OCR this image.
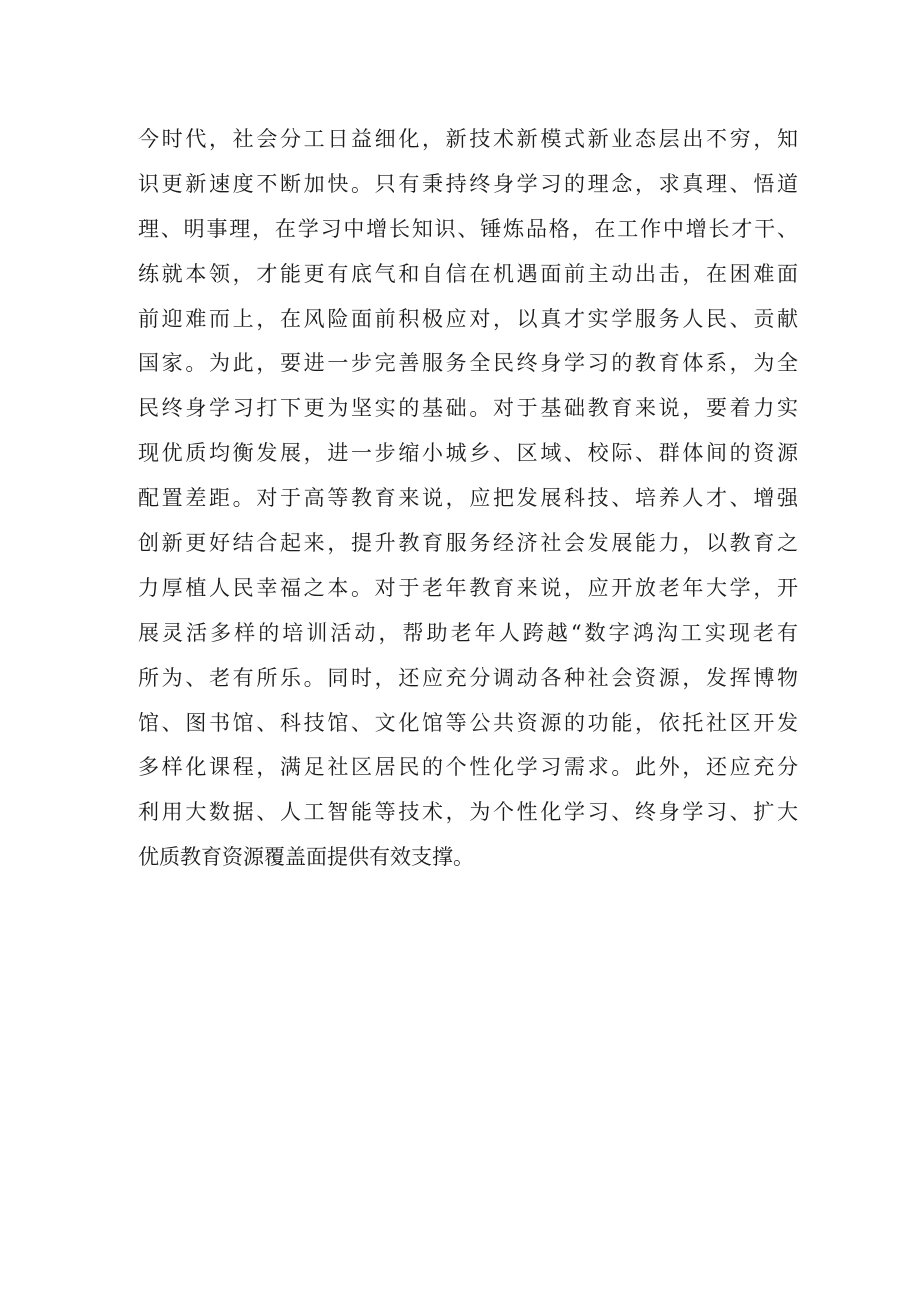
今时代，社会分工日益细化，新技术新模式新业态层出不穷，知
识更新速度不断加快。只有秉持终身学习的理念，求真理、悟道
理、明事理，在学习中增长知识、锤炼品格，在工作中增长才干、
练就本领，才能更有底气和自信在机遇面前主动出击，在困难面
前迎难而上，在风险面前积极应对，以真才实学服务人民、贡献
国家。为此，要进一步完善服务全民终身学习的教育体系，为全
民终身学习打下更为坚实的基础。对于基础教育来说，要着力实
现优质均衡发展，进一步缩小城乡、区域、校际、群体间的资源
配置差距。对于高等教育来说，应把发展科技、培养人才、增强
创新更好结合起来，提升教育服务经济社会发展能力，以教育之
力厚植人民幸福之本。对于老年教育来说，应开放老年大学，开
展灵活多样的培训活动，帮助老年人跨越“数字鸿沟工实现老有
所为、老有所乐。同时，还应充分调动各种社会资源，发挥博物
馆、图书馆、科技馆、文化馆等公共资源的功能，依托社区开发
多样化课程，满足社区居民的个性化学习需求。此外，还应充分
利用大数据、人工智能等技术，为个性化学习、终身学习、扩大
优质教育资源覆盖面提供有效支撑。
